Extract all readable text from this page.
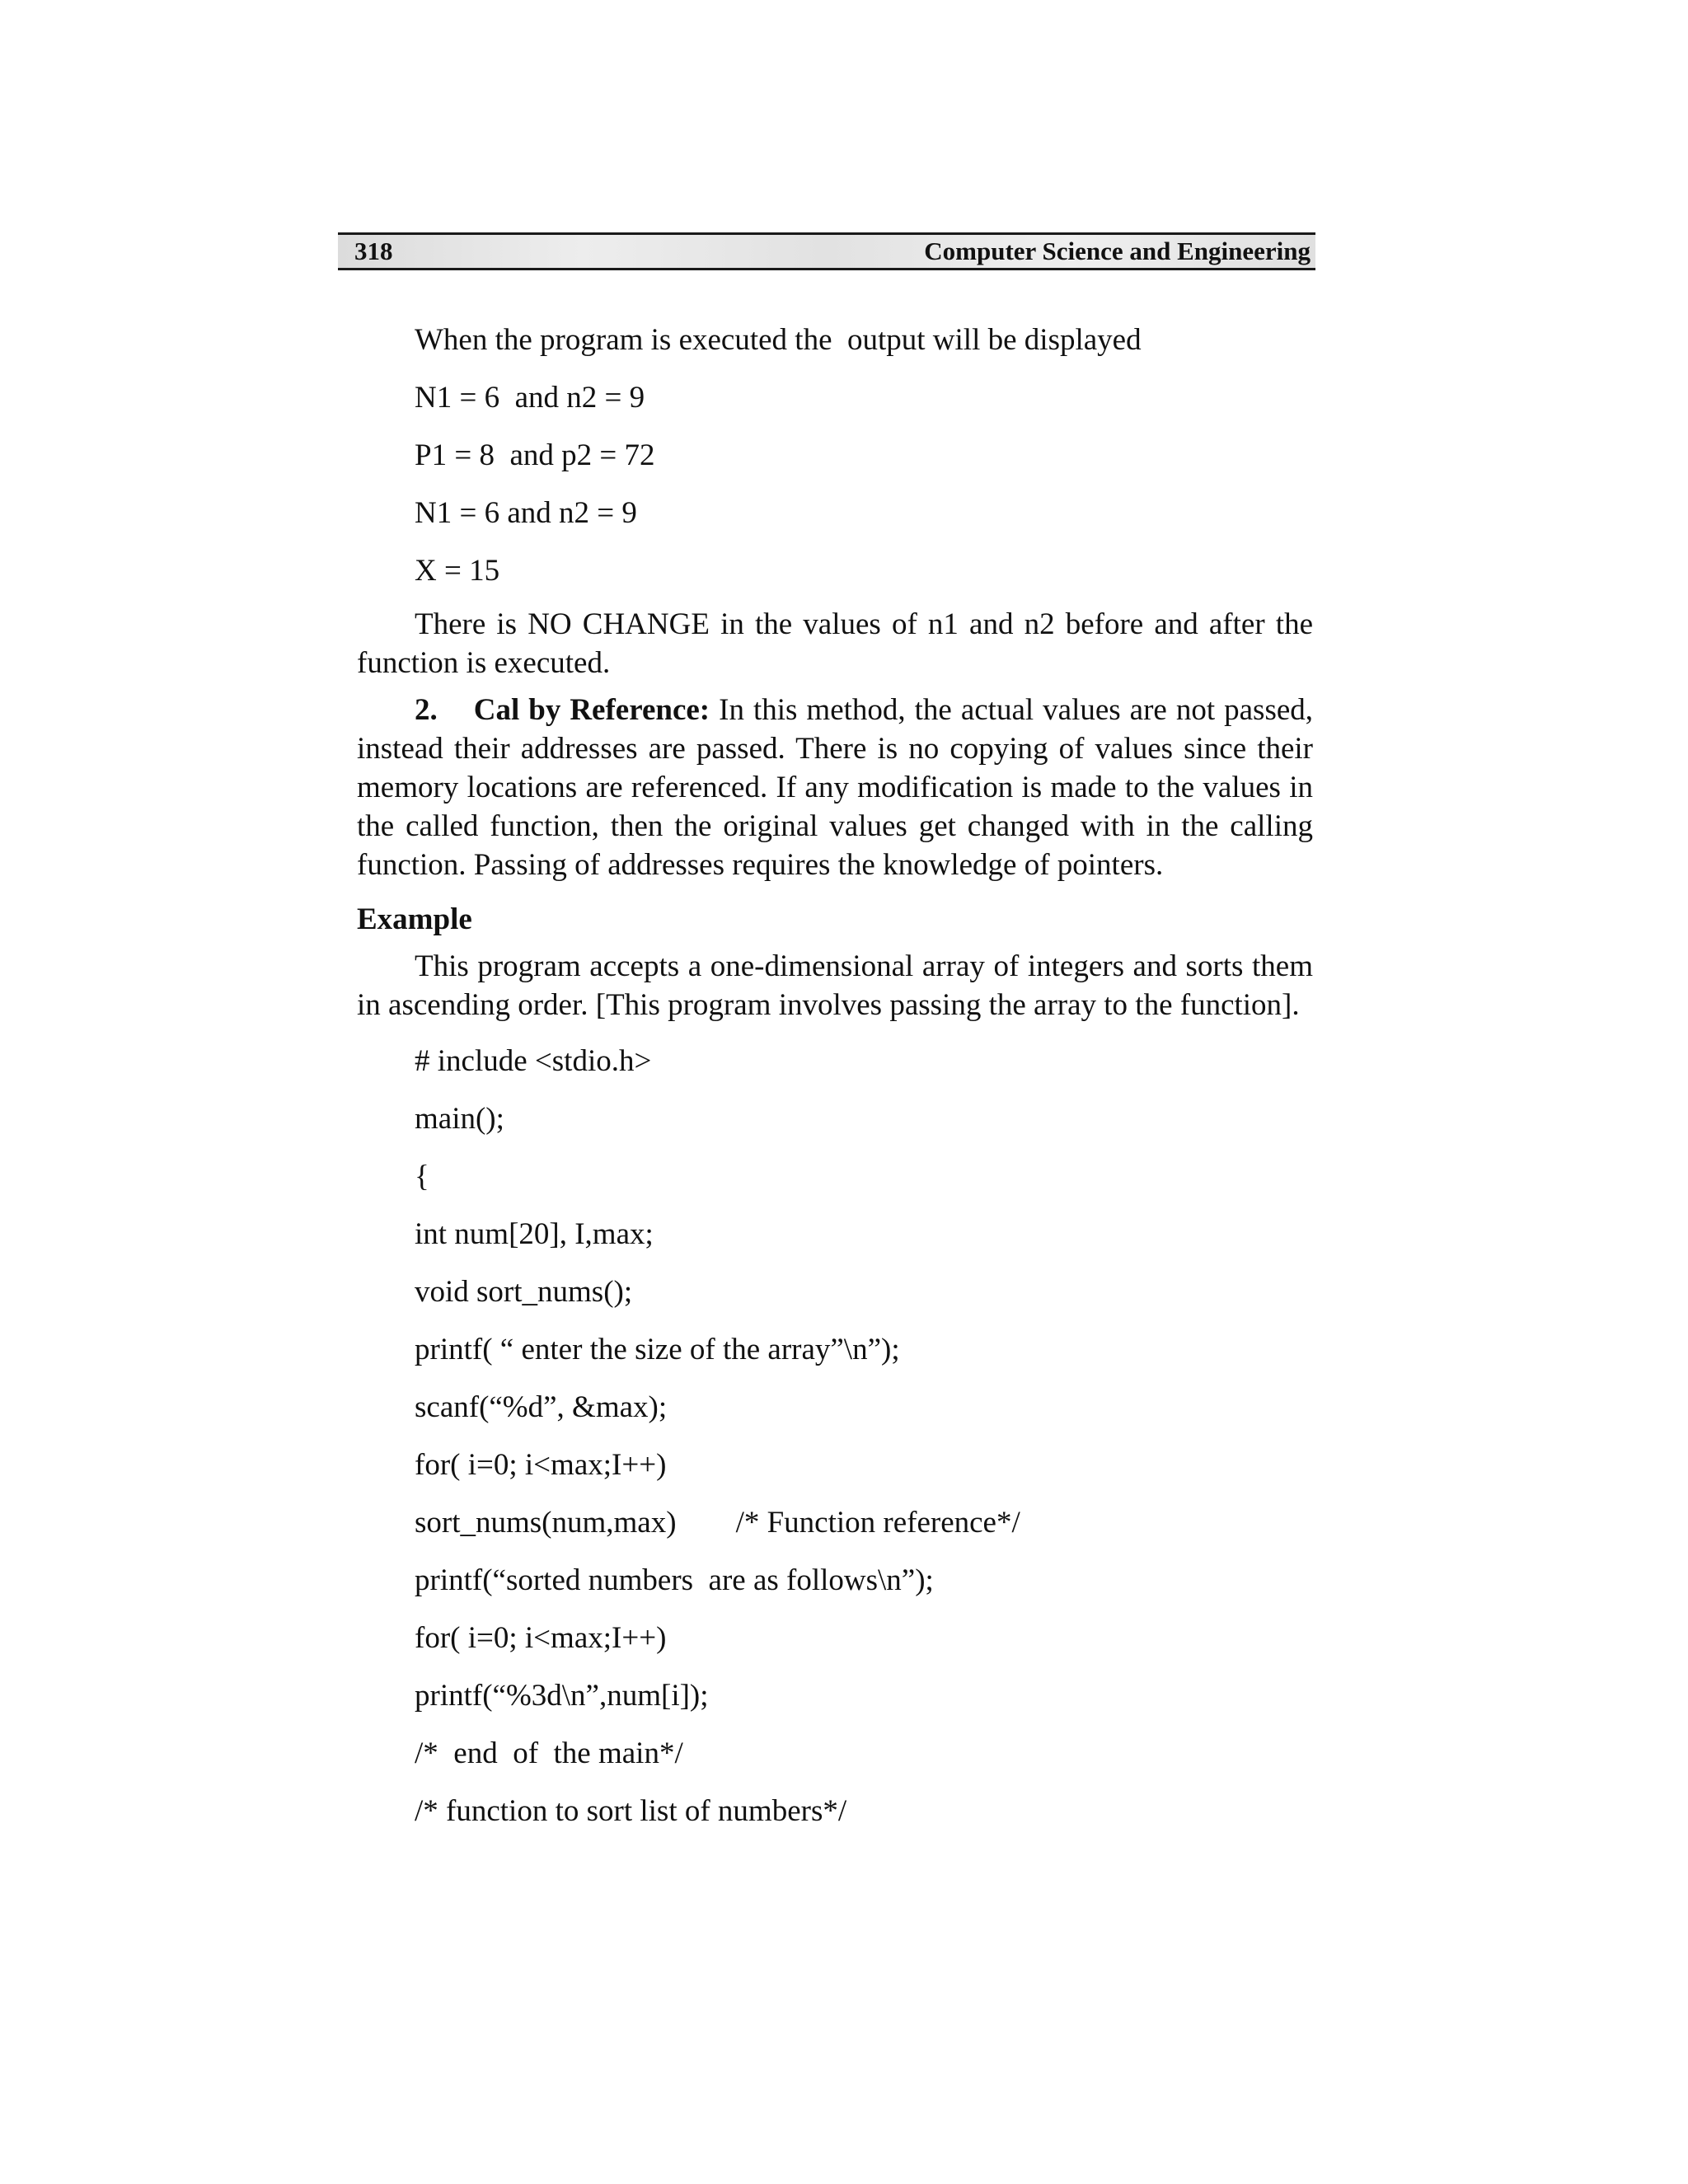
318	Computer Science and Engineering

When the program is executed the  output will be displayed

N1 = 6  and n2 = 9

P1 = 8  and p2 = 72

N1 = 6 and n2 = 9

X = 15

There is NO CHANGE in the values of n1 and n2 before and after the function is executed.

2. Cal by Reference: In this method, the actual values are not passed, instead their addresses are passed. There is no copying of values since their memory locations are referenced. If any modification is made to the values in the called function, then the original values get changed with in the calling function. Passing of addresses requires the knowledge of pointers.

Example

This program accepts a one-dimensional array of integers and sorts them in ascending order. [This program involves passing the array to the function].

# include <stdio.h>

main();

{

int num[20], I,max;

void sort_nums();

printf( “ enter the size of the array”\n”);

scanf(“%d”, &max);

for( i=0; i<max;I++)

sort_nums(num,max) /* Function reference*/

printf(“sorted numbers  are as follows\n”);

for( i=0; i<max;I++)

printf(“%3d\n”,num[i]);

/*  end  of  the main*/

/* function to sort list of numbers*/
